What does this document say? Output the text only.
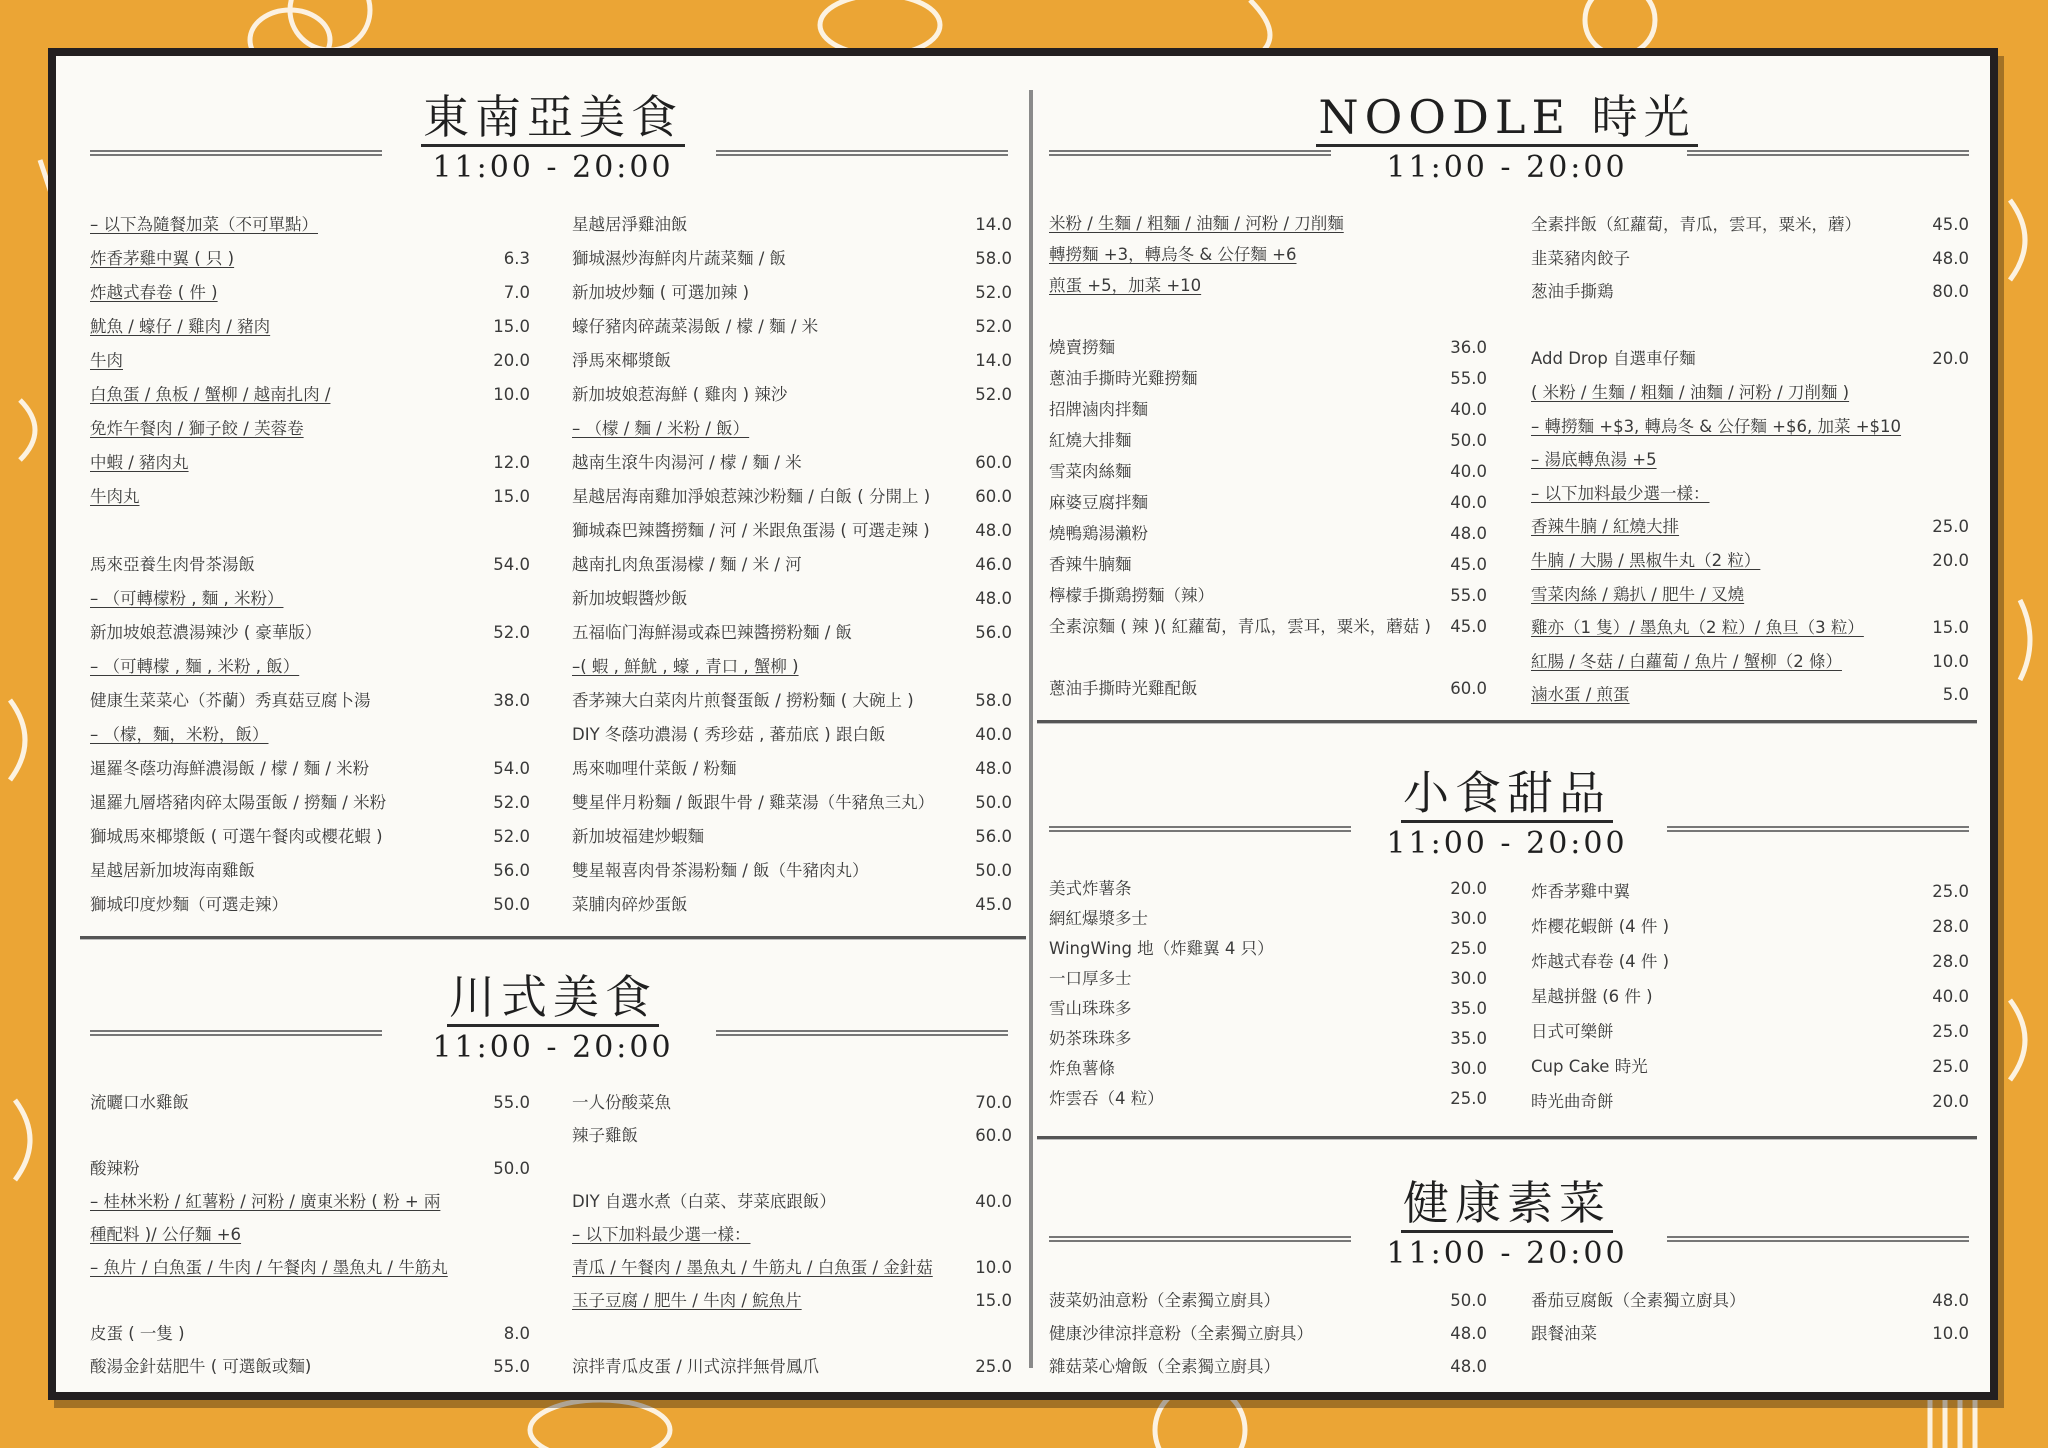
東南亞美食
11:00 - 20:00
– 以下為隨餐加菜（不可單點）
炸香茅雞中翼 ( 只 )	6.3
炸越式春卷 ( 件 )	7.0
魷魚 / 蠔仔 / 雞肉 / 豬肉	15.0
牛肉	20.0
白魚蛋 / 魚板 / 蟹柳 / 越南扎肉 /	10.0
免炸午餐肉 / 獅子餃 / 芙蓉卷
中蝦 / 豬肉丸	12.0
牛肉丸	15.0
馬來亞養生肉骨茶湯飯	54.0
– （可轉檬粉 , 麵 , 米粉）
新加坡娘惹濃湯辣沙 ( 豪華版）	52.0
– （可轉檬 , 麵 , 米粉 , 飯）
健康生菜菜心（芥蘭）秀真菇豆腐卜湯	38.0
– （檬，麵，米粉，飯）
暹羅冬蔭功海鮮濃湯飯 / 檬 / 麵 / 米粉	54.0
暹羅九層塔豬肉碎太陽蛋飯 / 撈麵 / 米粉	52.0
獅城馬來椰漿飯 ( 可選午餐肉或櫻花蝦 )	52.0
星越居新加坡海南雞飯	56.0
獅城印度炒麵（可選走辣）	50.0
星越居淨雞油飯	14.0
獅城濕炒海鮮肉片蔬菜麵 / 飯	58.0
新加坡炒麵 ( 可選加辣 )	52.0
蠔仔豬肉碎蔬菜湯飯 / 檬 / 麵 / 米	52.0
淨馬來椰漿飯	14.0
新加坡娘惹海鮮 ( 雞肉 ) 辣沙	52.0
– （檬 / 麵 / 米粉 / 飯）
越南生滾牛肉湯河 / 檬 / 麵 / 米	60.0
星越居海南雞加淨娘惹辣沙粉麵 / 白飯 ( 分開上 )	60.0
獅城森巴辣醬撈麵 / 河 / 米跟魚蛋湯 ( 可選走辣 )	48.0
越南扎肉魚蛋湯檬 / 麵 / 米 / 河	46.0
新加坡蝦醬炒飯	48.0
五福临门海鮮湯或森巴辣醬撈粉麵 / 飯	56.0
–( 蝦 , 鮮魷 , 蠔 , 青口 , 蟹柳 )
香茅辣大白菜肉片煎餐蛋飯 / 撈粉麵 ( 大碗上 )	58.0
DIY 冬蔭功濃湯 ( 秀珍菇 , 蕃茄底 ) 跟白飯	40.0
馬來咖哩什菜飯 / 粉麵	48.0
雙星伴月粉麵 / 飯跟牛骨 / 雞菜湯（牛豬魚三丸） 50.0
新加坡福建炒蝦麵	56.0
雙星報喜肉骨茶湯粉麵 / 飯（牛豬肉丸）	50.0
菜脯肉碎炒蛋飯	45.0
川式美食
11:00 - 20:00
流曬口水雞飯	55.0
酸辣粉	50.0
– 桂林米粉 / 紅薯粉 / 河粉 / 廣東米粉 ( 粉 + 兩
種配料 )/ 公仔麵 +6
– 魚片 / 白魚蛋 / 牛肉 / 午餐肉 / 墨魚丸 / 牛筋丸
皮蛋 ( 一隻 )	8.0
酸湯金針菇肥牛 ( 可選飯或麵)	55.0
一人份酸菜魚	70.0
辣子雞飯	60.0
DIY 自選水煮（白菜、芽菜底跟飯）	40.0
– 以下加料最少選一樣：
青瓜 / 午餐肉 / 墨魚丸 / 牛筋丸 / 白魚蛋 / 金針菇	10.0
玉子豆腐 / 肥牛 / 牛肉 / 鯇魚片	15.0
涼拌青瓜皮蛋 / 川式涼拌無骨鳳爪	25.0
NOODLE 時光
11:00 - 20:00
米粉 / 生麵 / 粗麵 / 油麵 / 河粉 / 刀削麵
轉撈麵 +3，轉烏冬 & 公仔麵 +6
煎蛋 +5，加菜 +10
燒賣撈麵	36.0
蔥油手撕時光雞撈麵	55.0
招牌滷肉拌麵	40.0
紅燒大排麵	50.0
雪菜肉絲麵	40.0
麻婆豆腐拌麵	40.0
燒鴨鶏湯瀨粉	48.0
香辣牛腩麵	45.0
檸檬手撕鶏撈麵（辣）	55.0
全素涼麵 ( 辣 )( 紅蘿蔔，青瓜，雲耳，粟米，蘑菇 ) 45.0
蔥油手撕時光雞配飯	60.0
全素拌飯（紅蘿蔔，青瓜，雲耳，粟米，蘑）	45.0
韭菜豬肉餃子	48.0
葱油手撕鶏	80.0
Add Drop 自選車仔麵	20.0
( 米粉 / 生麵 / 粗麵 / 油麵 / 河粉 / 刀削麵 )
– 轉撈麵 +$3, 轉烏冬 & 公仔麵 +$6, 加菜 +$10
– 湯底轉魚湯 +5
– 以下加料最少選一樣：
香辣牛腩 / 紅燒大排	25.0
牛腩 / 大腸 / 黑椒牛丸（2 粒）	20.0
雪菜肉絲 / 鶏扒 / 肥牛 / 叉燒
雞亦（1 隻）/ 墨魚丸（2 粒）/ 魚旦（3 粒）	15.0
紅腸 / 冬菇 / 白蘿蔔 / 魚片 / 蟹柳（2 條）	10.0
滷水蛋 / 煎蛋	5.0
小食甜品
11:00 - 20:00
美式炸薯条	20.0
網紅爆漿多士	30.0
WingWing 地（炸雞翼 4 只）	25.0
一口厚多士	30.0
雪山珠珠多	35.0
奶茶珠珠多	35.0
炸魚薯條	30.0
炸雲吞（4 粒）	25.0
炸香茅雞中翼	25.0
炸櫻花蝦餅 (4 件 )	28.0
炸越式春卷 (4 件 )	28.0
星越拼盤 (6 件 )	40.0
日式可樂餅	25.0
Cup Cake 時光	25.0
時光曲奇餅	20.0
健康素菜
11:00 - 20:00
菠菜奶油意粉（全素獨立廚具）	50.0
健康沙律涼拌意粉（全素獨立廚具）	48.0
雜菇菜心燴飯（全素獨立廚具）	48.0
番茄豆腐飯（全素獨立廚具）	48.0
跟餐油菜	10.0
